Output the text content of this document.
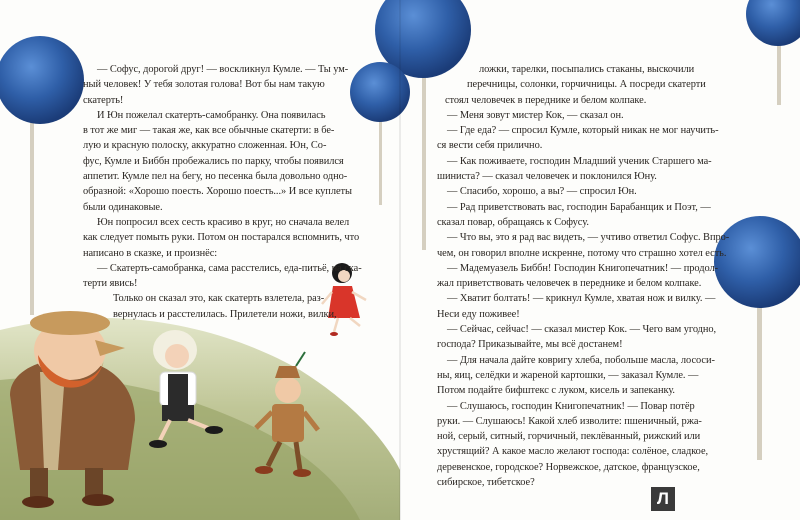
— Софус, дорогой друг! — воскликнул Кумле. — Ты ум-

ный человек! У тебя золотая голова! Вот бы нам такую

скатерть!

И Юн пожелал скатерть-самобранку. Она появилась

в тот же миг — такая же, как все обычные скатерти: в бе-

лую и красную полоску, аккуратно сложенная. Юн, Со-

фус, Кумле и Биббн пробежались по парку, чтобы появился

аппетит. Кумле пел на бегу, но песенка была довольно одно-

образной: «Хорошо поесть. Хорошо поесть...» И все куплеты

были одинаковые.

Юн попросил всех сесть красиво в круг, но сначала велел

как следует помыть руки. Потом он постарался вспомнить, что

написано в сказке, и произнёс:

— Скатерть-самобранка, сама расстелись, еда-питьё, на ска-

терти явись!

Только он сказал это, как скатерть взлетела, раз-

вернулась и расстелилась. Прилетели ножи, вилки,

ложки, тарелки, посыпались стаканы, выскочили

перечницы, солонки, горчичницы. А посреди скатерти

стоял человечек в переднике и белом колпаке.

— Меня зовут мистер Кок, — сказал он.

— Где еда? — спросил Кумле, который никак не мог научить-

ся вести себя прилично.

— Как поживаете, господин Младший ученик Старшего ма-

шиниста? — сказал человечек и поклонился Юну.

— Спасибо, хорошо, а вы? — спросил Юн.

— Рад приветствовать вас, господин Барабанщик и Поэт, —

сказал повар, обращаясь к Софусу.

— Что вы, это я рад вас видеть, — учтиво ответил Софус. Впро-

чем, он говорил вполне искренне, потому что страшно хотел есть.

— Мадемуазель Биббн! Господин Книгопечатник! — продол-

жал приветствовать человечек в переднике и белом колпаке.

— Хватит болтать! — крикнул Кумле, хватая нож и вилку. —

Неси еду поживее!

— Сейчас, сейчас! — сказал мистер Кок. — Чего вам угодно,

господа? Приказывайте, мы всё достанем!

— Для начала дайте ковригу хлеба, побольше масла, лососи-

ны, яиц, селёдки и жареной картошки, — заказал Кумле. —

Потом подайте бифштекс с луком, кисель и запеканку.

— Слушаюсь, господин Книгопечатник! — Повар потёр

руки. — Слушаюсь! Какой хлеб изволите: пшеничный, ржа-

ной, серый, ситный, горчичный, пеклёванный, рижский или

хрустящий? А какое масло желают господа: солёное, сладкое,

деревенское, городское? Норвежское, датское, французское,

сибирское, тибетское?

Л
